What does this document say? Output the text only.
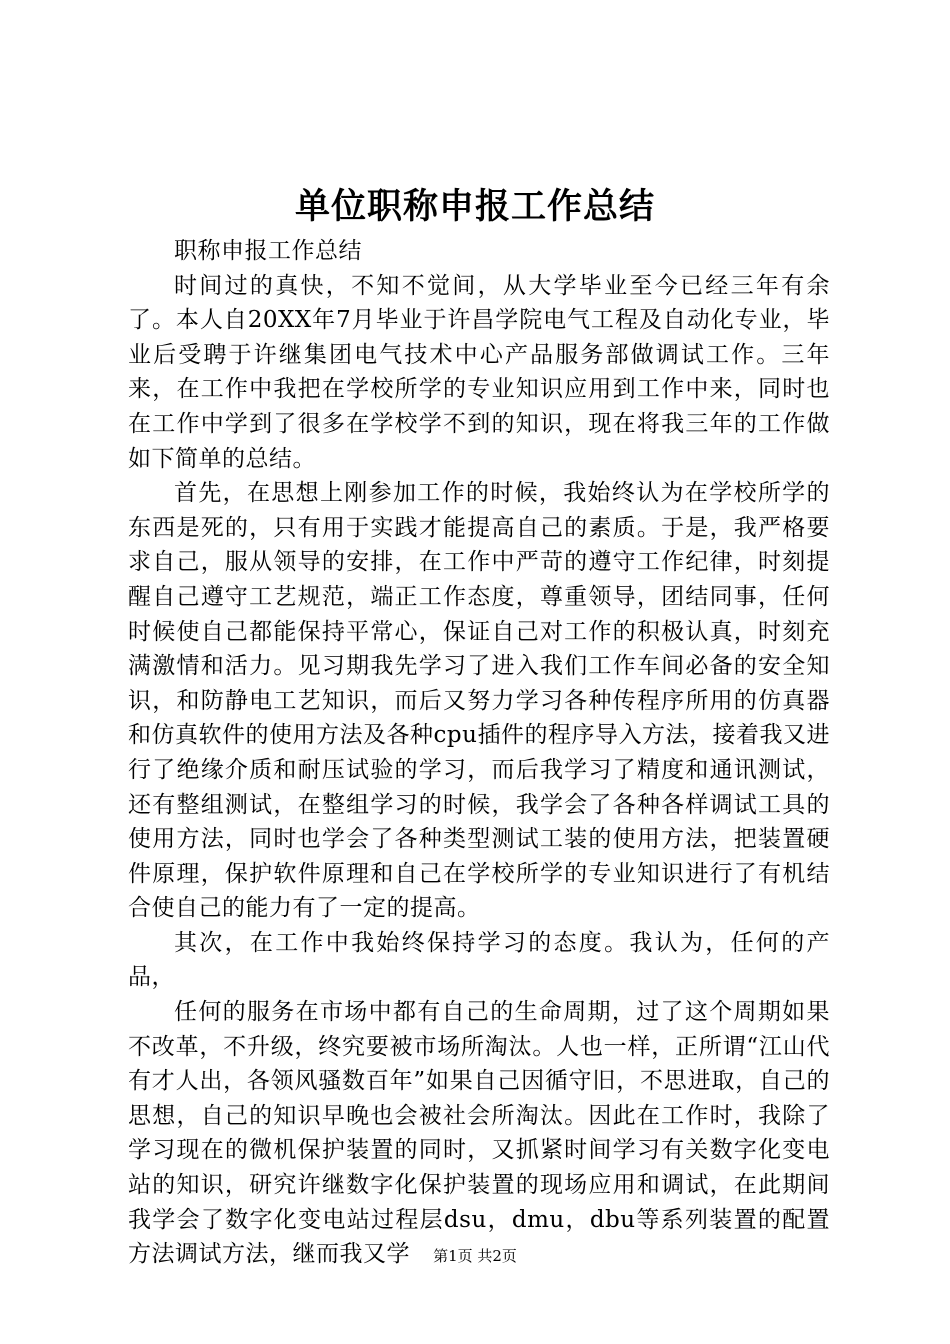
单位职称申报工作总结

职称申报工作总结

时间过的真快，不知不觉间，从大学毕业至今已经三年有余了。本人自20XX年7月毕业于许昌学院电气工程及自动化专业，毕业后受聘于许继集团电气技术中心产品服务部做调试工作。三年来，在工作中我把在学校所学的专业知识应用到工作中来，同时也在工作中学到了很多在学校学不到的知识，现在将我三年的工作做如下简单的总结。

首先，在思想上刚参加工作的时候，我始终认为在学校所学的东西是死的，只有用于实践才能提高自己的素质。于是，我严格要求自己，服从领导的安排，在工作中严苛的遵守工作纪律，时刻提醒自己遵守工艺规范，端正工作态度，尊重领导，团结同事，任何时候使自己都能保持平常心，保证自己对工作的积极认真，时刻充满激情和活力。见习期我先学习了进入我们工作车间必备的安全知识，和防静电工艺知识，而后又努力学习各种传程序所用的仿真器和仿真软件的使用方法及各种cpu插件的程序导入方法，接着我又进行了绝缘介质和耐压试验的学习，而后我学习了精度和通讯测试，还有整组测试，在整组学习的时候，我学会了各种各样调试工具的使用方法，同时也学会了各种类型测试工装的使用方法，把装置硬件原理，保护软件原理和自己在学校所学的专业知识进行了有机结合使自己的能力有了一定的提高。

其次，在工作中我始终保持学习的态度。我认为，任何的产品，

任何的服务在市场中都有自己的生命周期，过了这个周期如果不改革，不升级，终究要被市场所淘汰。人也一样，正所谓“江山代有才人出，各领风骚数百年”如果自己因循守旧，不思进取，自己的思想，自己的知识早晚也会被社会所淘汰。因此在工作时，我除了学习现在的微机保护装置的同时，又抓紧时间学习有关数字化变电站的知识，研究许继数字化保护装置的现场应用和调试，在此期间我学会了数字化变电站过程层dsu，dmu，dbu等系列装置的配置方法调试方法，继而我又学	第1页 共2页
